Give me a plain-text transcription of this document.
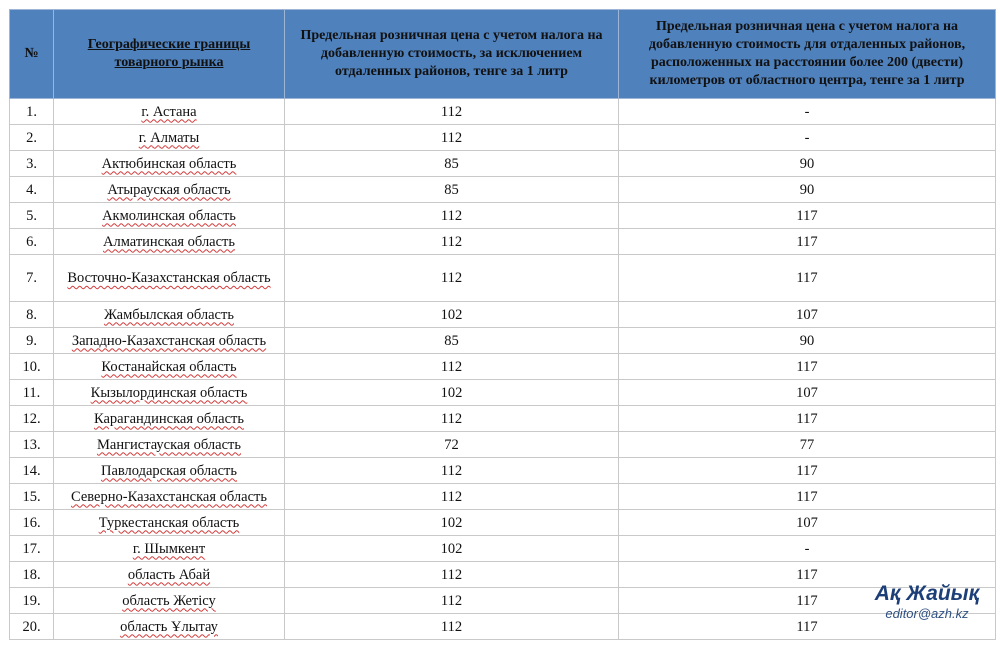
№	Географические границы товарного рынка	Предельная розничная цена с учетом налога на добавленную стоимость, за исключением отдаленных районов, тенге за 1 литр	Предельная розничная цена с учетом налога на добавленную стоимость для отдаленных районов, расположенных на расстоянии более 200 (двести) километров от областного центра, тенге за 1 литр
1.	г. Астана	112	-
2.	г. Алматы	112	-
3.	Актюбинская область	85	90
4.	Атырауская область	85	90
5.	Акмолинская область	112	117
6.	Алматинская область	112	117
7.	Восточно-Казахстанская область	112	117
8.	Жамбылская область	102	107
9.	Западно-Казахстанская область	85	90
10.	Костанайская область	112	117
11.	Кызылординская область	102	107
12.	Карагандинская область	112	117
13.	Мангистауская область	72	77
14.	Павлодарская область	112	117
15.	Северно-Казахстанская область	112	117
16.	Туркестанская область	102	107
17.	г. Шымкент	102	-
18.	область Абай	112	117
19.	область Жетісу	112	117
20.	область Ұлытау	112	117
Ақ Жайық
editor@azh.kz
